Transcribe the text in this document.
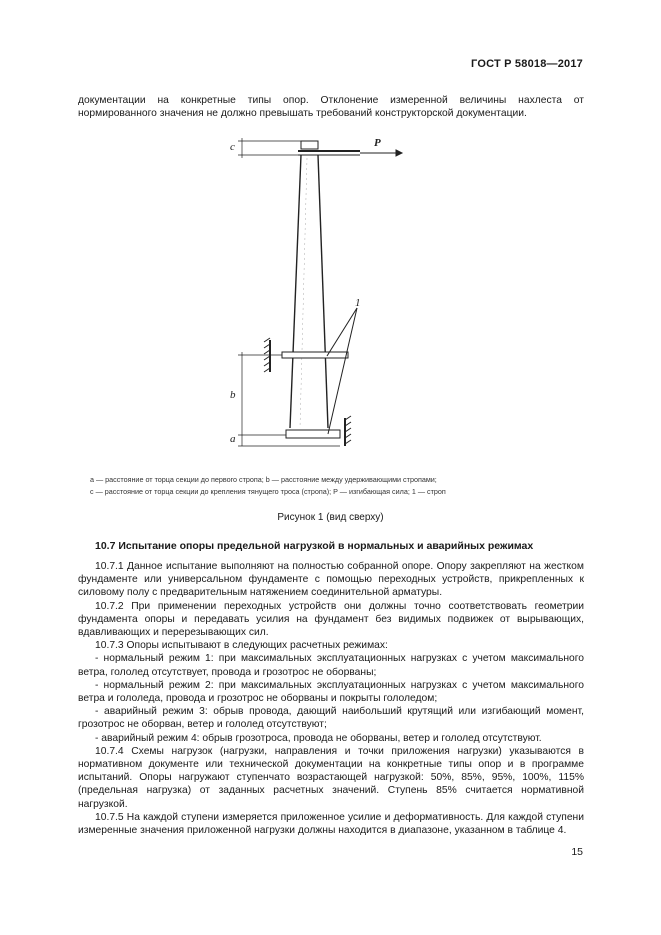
ГОСТ Р 58018—2017
документации на конкретные типы опор. Отклонение измеренной величины нахлеста от нормированного значения не должно превышать требований конструкторской документации.
c	P
1
b
a
a — расстояние от торца секции до первого стропа; b — расстояние между удерживающими стропами;
c — расстояние от торца секции до крепления тянущего троса (стропа); P — изгибающая сила; 1 — строп
Рисунок 1 (вид сверху)
10.7 Испытание опоры предельной нагрузкой в нормальных и аварийных режимах
10.7.1 Данное испытание выполняют на полностью собранной опоре. Опору закрепляют на жестком фундаменте или универсальном фундаменте с помощью переходных устройств, прикрепленных к силовому полу с предварительным натяжением соединительной арматуры.
10.7.2 При применении переходных устройств они должны точно соответствовать геометрии фундамента опоры и передавать усилия на фундамент без видимых подвижек от вырывающих, вдавливающих и перерезывающих сил.
10.7.3 Опоры испытывают в следующих расчетных режимах:
- нормальный режим 1: при максимальных эксплуатационных нагрузках с учетом максимального ветра, гололед отсутствует, провода и грозотрос не оборваны;
- нормальный режим 2: при максимальных эксплуатационных нагрузках с учетом максимального ветра и гололеда, провода и грозотрос не оборваны и покрыты гололедом;
- аварийный режим 3: обрыв провода, дающий наибольший крутящий или изгибающий момент, грозотрос не оборван, ветер и гололед отсутствуют;
- аварийный режим 4: обрыв грозотроса, провода не оборваны, ветер и гололед отсутствуют.
10.7.4 Схемы нагрузок (нагрузки, направления и точки приложения нагрузки) указываются в нормативном документе или технической документации на конкретные типы опор и в программе испытаний. Опоры нагружают ступенчато возрастающей нагрузкой: 50%, 85%, 95%, 100%, 115% (предельная нагрузка) от заданных расчетных значений. Ступень 85% считается нормативной нагрузкой.
10.7.5 На каждой ступени измеряется приложенное усилие и деформативность. Для каждой ступени измеренные значения приложенной нагрузки должны находится в диапазоне, указанном в таблице 4.
15
